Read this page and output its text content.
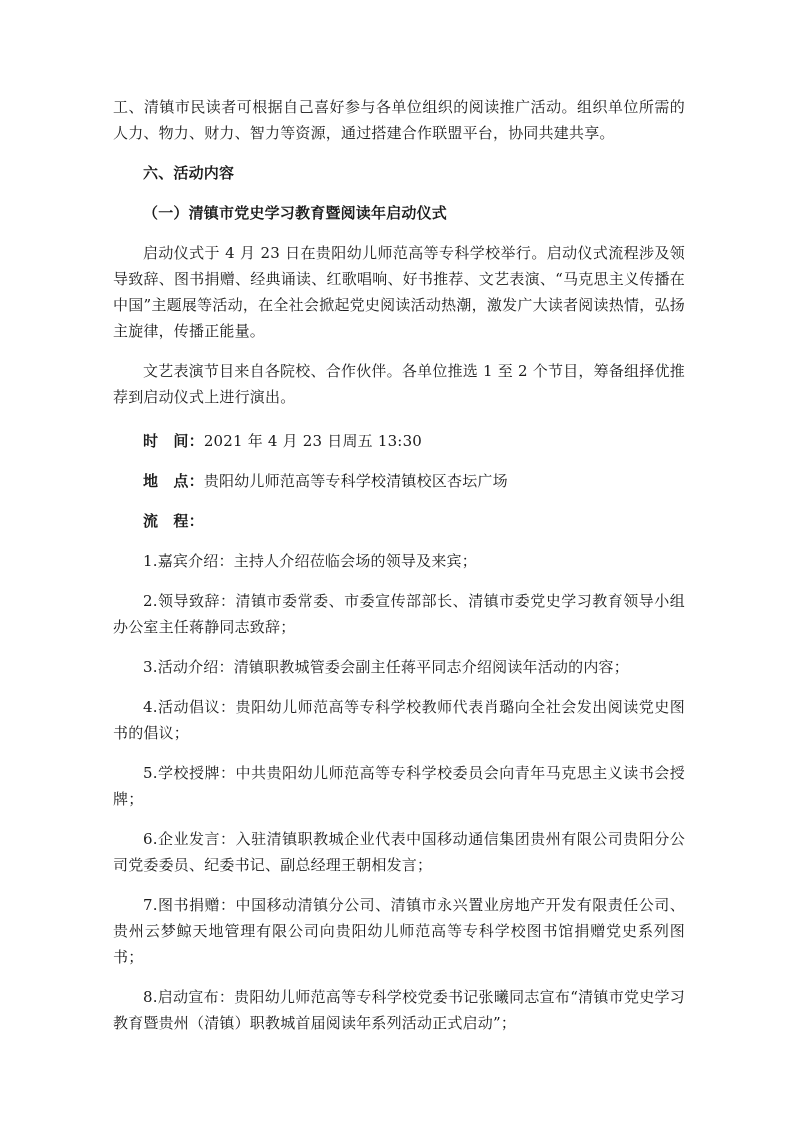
工、清镇市民读者可根据自己喜好参与各单位组织的阅读推广活动。组织单位所需的人力、物力、财力、智力等资源，通过搭建合作联盟平台，协同共建共享。

六、活动内容

（一）清镇市党史学习教育暨阅读年启动仪式

启动仪式于 4 月 23 日在贵阳幼儿师范高等专科学校举行。启动仪式流程涉及领导致辞、图书捐赠、经典诵读、红歌唱响、好书推荐、文艺表演、“马克思主义传播在中国”主题展等活动，在全社会掀起党史阅读活动热潮，激发广大读者阅读热情，弘扬主旋律，传播正能量。

文艺表演节目来自各院校、合作伙伴。各单位推选 1 至 2 个节目，筹备组择优推荐到启动仪式上进行演出。

时　间：2021 年 4 月 23 日周五 13:30

地　点：贵阳幼儿师范高等专科学校清镇校区杏坛广场

流　程：

1.嘉宾介绍：主持人介绍莅临会场的领导及来宾；

2.领导致辞：清镇市委常委、市委宣传部部长、清镇市委党史学习教育领导小组办公室主任蒋静同志致辞；

3.活动介绍：清镇职教城管委会副主任蒋平同志介绍阅读年活动的内容；

4.活动倡议：贵阳幼儿师范高等专科学校教师代表肖璐向全社会发出阅读党史图书的倡议；

5.学校授牌：中共贵阳幼儿师范高等专科学校委员会向青年马克思主义读书会授牌；

6.企业发言：入驻清镇职教城企业代表中国移动通信集团贵州有限公司贵阳分公司党委委员、纪委书记、副总经理王朝相发言；

7.图书捐赠：中国移动清镇分公司、清镇市永兴置业房地产开发有限责任公司、贵州云梦鲸天地管理有限公司向贵阳幼儿师范高等专科学校图书馆捐赠党史系列图书；

8.启动宣布：贵阳幼儿师范高等专科学校党委书记张曦同志宣布“清镇市党史学习教育暨贵州（清镇）职教城首届阅读年系列活动正式启动”；
